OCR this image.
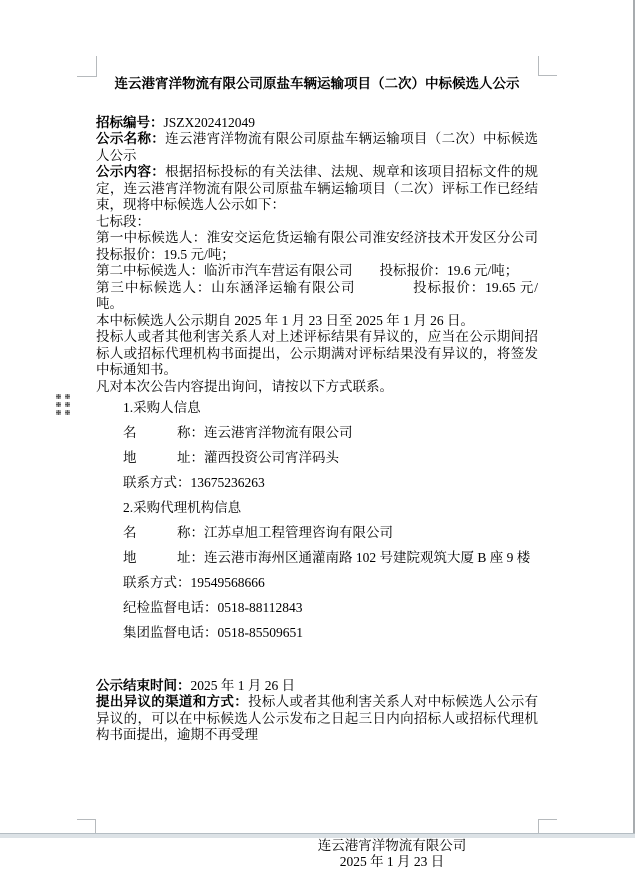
连云港宵洋物流有限公司原盐车辆运输项目（二次）中标候选人公示

招标编号：JSZX202412049

公示名称：连云港宵洋物流有限公司原盐车辆运输项目（二次）中标候选人公示

公示内容：根据招标投标的有关法律、法规、规章和该项目招标文件的规定，连云港宵洋物流有限公司原盐车辆运输项目（二次）评标工作已经结束，现将中标候选人公示如下：

七标段：

第一中标候选人：淮安交运危货运输有限公司淮安经济技术开发区分公司 投标报价：19.5 元/吨；

第二中标候选人：临沂市汽车营运有限公司　　投标报价：19.6 元/吨；

第三中标候选人：山东涵泽运输有限公司　　　　投标报价：19.65 元/吨。

本中标候选人公示期自 2025 年 1 月 23 日至 2025 年 1 月 26 日。

投标人或者其他利害关系人对上述评标结果有异议的，应当在公示期间招标人或招标代理机构书面提出，公示期满对评标结果没有异议的，将签发中标通知书。

凡对本次公告内容提出询问，请按以下方式联系。

1.采购人信息

名　　　称：连云港宵洋物流有限公司

地　　　址：灌西投资公司宵洋码头

联系方式：13675236263

2.采购代理机构信息

名　　　称：江苏卓旭工程管理咨询有限公司

地　　　址：连云港市海州区通灌南路 102 号建院观筑大厦 B 座 9 楼

联系方式：19549568666

纪检监督电话：0518-88112843

集团监督电话：0518-85509651

公示结束时间：2025 年 1 月 26 日

提出异议的渠道和方式：投标人或者其他利害关系人对中标候选人公示有异议的，可以在中标候选人公示发布之日起三日内向招标人或招标代理机构书面提出，逾期不再受理

连云港宵洋物流有限公司

2025 年 1 月 23 日
